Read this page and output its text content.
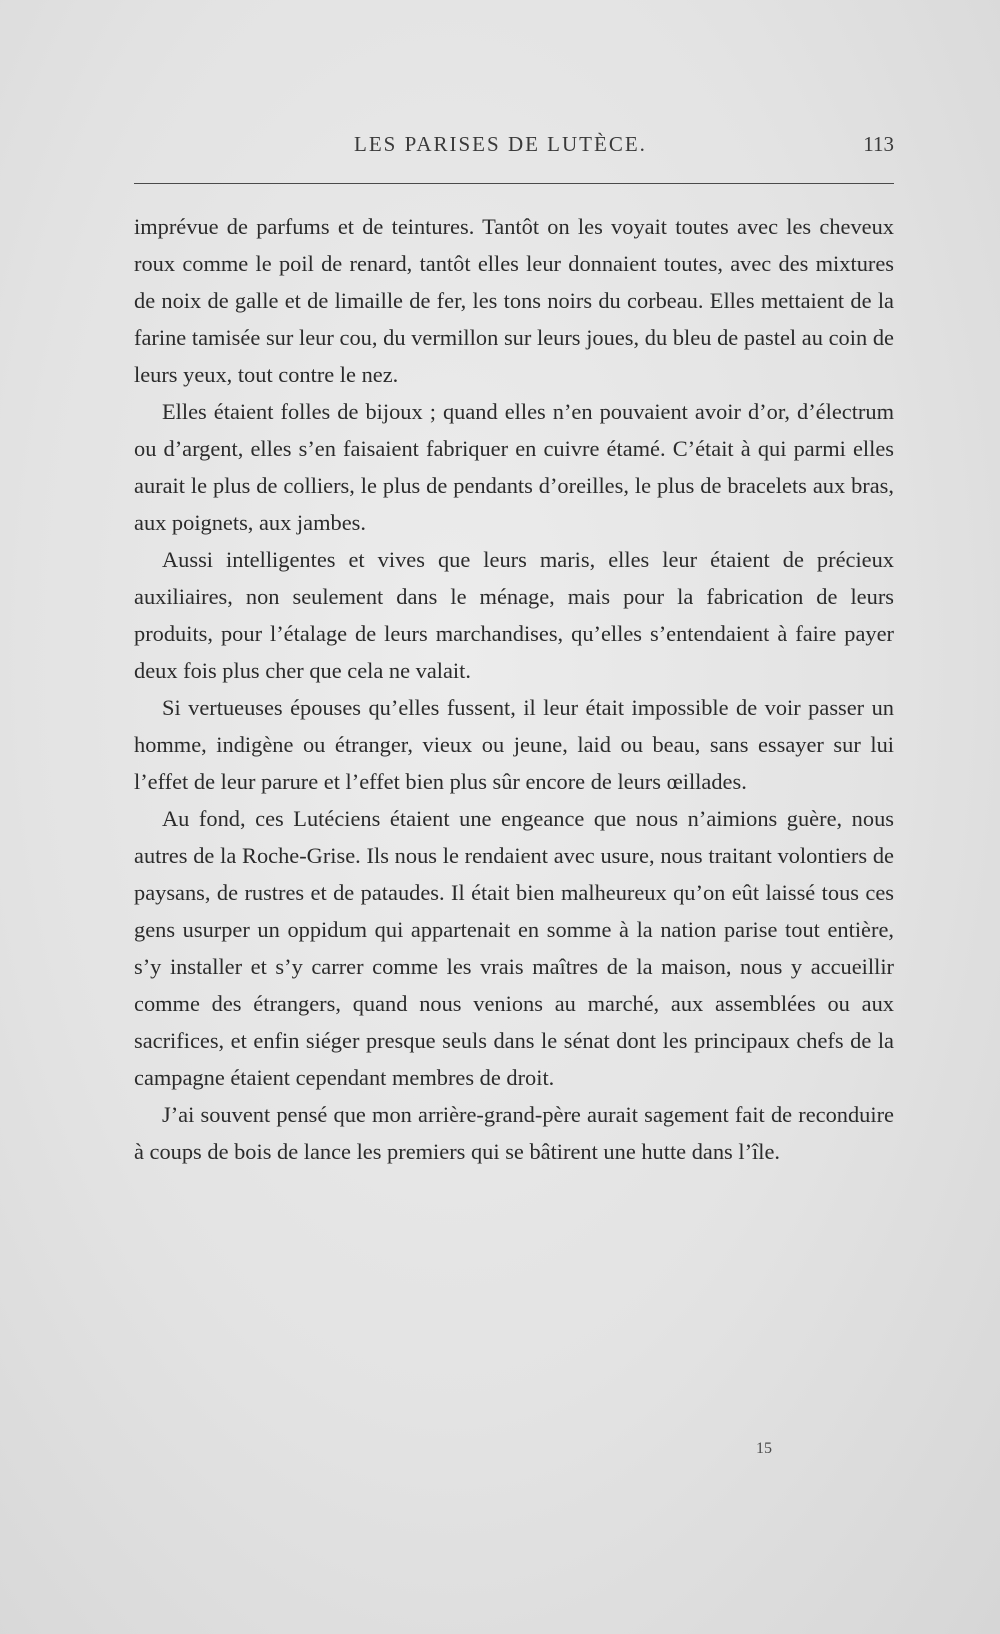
LES PARISES DE LUTÈCE.	113

imprévue de parfums et de teintures. Tantôt on les voyait toutes avec les cheveux roux comme le poil de renard, tantôt elles leur donnaient toutes, avec des mixtures de noix de galle et de limaille de fer, les tons noirs du corbeau. Elles mettaient de la farine tamisée sur leur cou, du vermillon sur leurs joues, du bleu de pastel au coin de leurs yeux, tout contre le nez.

Elles étaient folles de bijoux ; quand elles n’en pouvaient avoir d’or, d’électrum ou d’argent, elles s’en faisaient fabriquer en cuivre étamé. C’était à qui parmi elles aurait le plus de colliers, le plus de pendants d’oreilles, le plus de bracelets aux bras, aux poignets, aux jambes.

Aussi intelligentes et vives que leurs maris, elles leur étaient de précieux auxiliaires, non seulement dans le ménage, mais pour la fabrication de leurs produits, pour l’étalage de leurs marchandises, qu’elles s’entendaient à faire payer deux fois plus cher que cela ne valait.

Si vertueuses épouses qu’elles fussent, il leur était impossible de voir passer un homme, indigène ou étranger, vieux ou jeune, laid ou beau, sans essayer sur lui l’effet de leur parure et l’effet bien plus sûr encore de leurs œillades.

Au fond, ces Lutéciens étaient une engeance que nous n’aimions guère, nous autres de la Roche-Grise. Ils nous le rendaient avec usure, nous traitant volontiers de paysans, de rustres et de pataudes. Il était bien malheureux qu’on eût laissé tous ces gens usurper un oppidum qui appartenait en somme à la nation parise tout entière, s’y installer et s’y carrer comme les vrais maîtres de la maison, nous y accueillir comme des étrangers, quand nous venions au marché, aux assemblées ou aux sacrifices, et enfin siéger presque seuls dans le sénat dont les principaux chefs de la campagne étaient cependant membres de droit.

J’ai souvent pensé que mon arrière-grand-père aurait sagement fait de reconduire à coups de bois de lance les premiers qui se bâtirent une hutte dans l’île.

15
